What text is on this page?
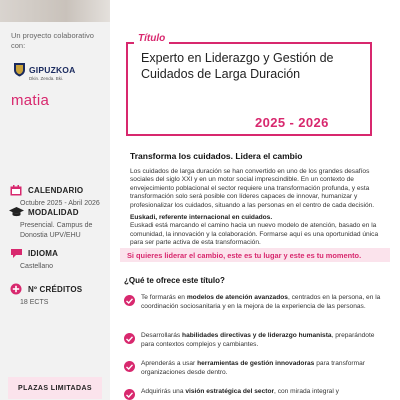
Un proyecto colaborativo con:
GIPUZKOA
Dkin. Zenda. Bki.
matia
CALENDARIO
Octubre 2025 - Abril 2026
MODALIDAD
Presencial. Campus de Donostia UPV/EHU
IDIOMA
Castellano
Nº CRÉDITOS
18 ECTS
PLAZAS LIMITADAS
Título
Experto en Liderazgo y Gestión de Cuidados de Larga Duración
2025 - 2026
Transforma los cuidados. Lidera el cambio
Los cuidados de larga duración se han convertido en uno de los grandes desafíos sociales del siglo XXI y en un motor social imprescindible. En un contexto de envejecimiento poblacional el sector requiere una transformación profunda, y esta transformación solo será posible con líderes capaces de innovar, humanizar y profesionalizar los cuidados, situando a las personas en el centro de cada decisión.
Euskadi, referente internacional en cuidados.
Euskadi está marcando el camino hacia un nuevo modelo de atención, basado en la comunidad, la innovación y la colaboración. Formarse aquí es una oportunidad única para ser parte activa de esta transformación.
Si quieres liderar el cambio, este es tu lugar y este es tu momento.
¿Qué te ofrece este título?
Te formarás en modelos de atención avanzados, centrados en la persona, en la coordinación sociosanitaria y en la mejora de la experiencia de las personas.
Desarrollarás habilidades directivas y de liderazgo humanista, preparándote para contextos complejos y cambiantes.
Aprenderás a usar herramientas de gestión innovadoras para transformar organizaciones desde dentro.
Adquirirás una visión estratégica del sector, con mirada integral y
